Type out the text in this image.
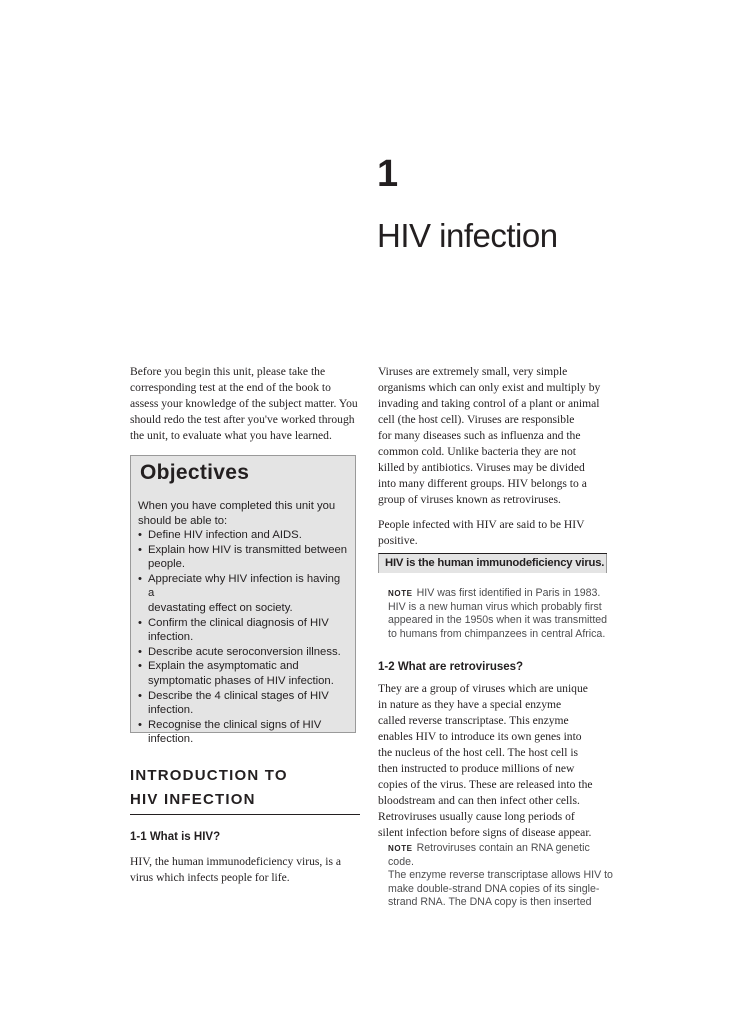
1
HIV infection

Before you begin this unit, please take the
corresponding test at the end of the book to
assess your knowledge of the subject matter. You
should redo the test after you've worked through
the unit, to evaluate what you have learned.

Objectives

When you have completed this unit you
should be able to:

• Define HIV infection and AIDS.
• Explain how HIV is transmitted between
people.
• Appreciate why HIV infection is having a
devastating effect on society.
• Confirm the clinical diagnosis of HIV
infection.
• Describe acute seroconversion illness.
• Explain the asymptomatic and
symptomatic phases of HIV infection.
• Describe the 4 clinical stages of HIV
infection.
• Recognise the clinical signs of HIV
infection.
INTRODUCTION TO
HIV INFECTION
1-1 What is HIV?

HIV, the human immunodeficiency virus, is a
virus which infects people for life.

Viruses are extremely small, very simple
organisms which can only exist and multiply by
invading and taking control of a plant or animal
cell (the host cell). Viruses are responsible
for many diseases such as influenza and the
common cold. Unlike bacteria they are not
killed by antibiotics. Viruses may be divided
into many different groups. HIV belongs to a
group of viruses known as retroviruses.

People infected with HIV are said to be HIV
positive.

HIV is the human immunodeficiency virus.

NOTE HIV was first identified in Paris in 1983.
HIV is a new human virus which probably first
appeared in the 1950s when it was transmitted
to humans from chimpanzees in central Africa.

1-2 What are retroviruses?

They are a group of viruses which are unique
in nature as they have a special enzyme
called reverse transcriptase. This enzyme
enables HIV to introduce its own genes into
the nucleus of the host cell. The host cell is
then instructed to produce millions of new
copies of the virus. These are released into the
bloodstream and can then infect other cells.
Retroviruses usually cause long periods of
silent infection before signs of disease appear.

NOTE Retroviruses contain an RNA genetic code.
The enzyme reverse transcriptase allows HIV to
make double-strand DNA copies of its single-
strand RNA. The DNA copy is then inserted
